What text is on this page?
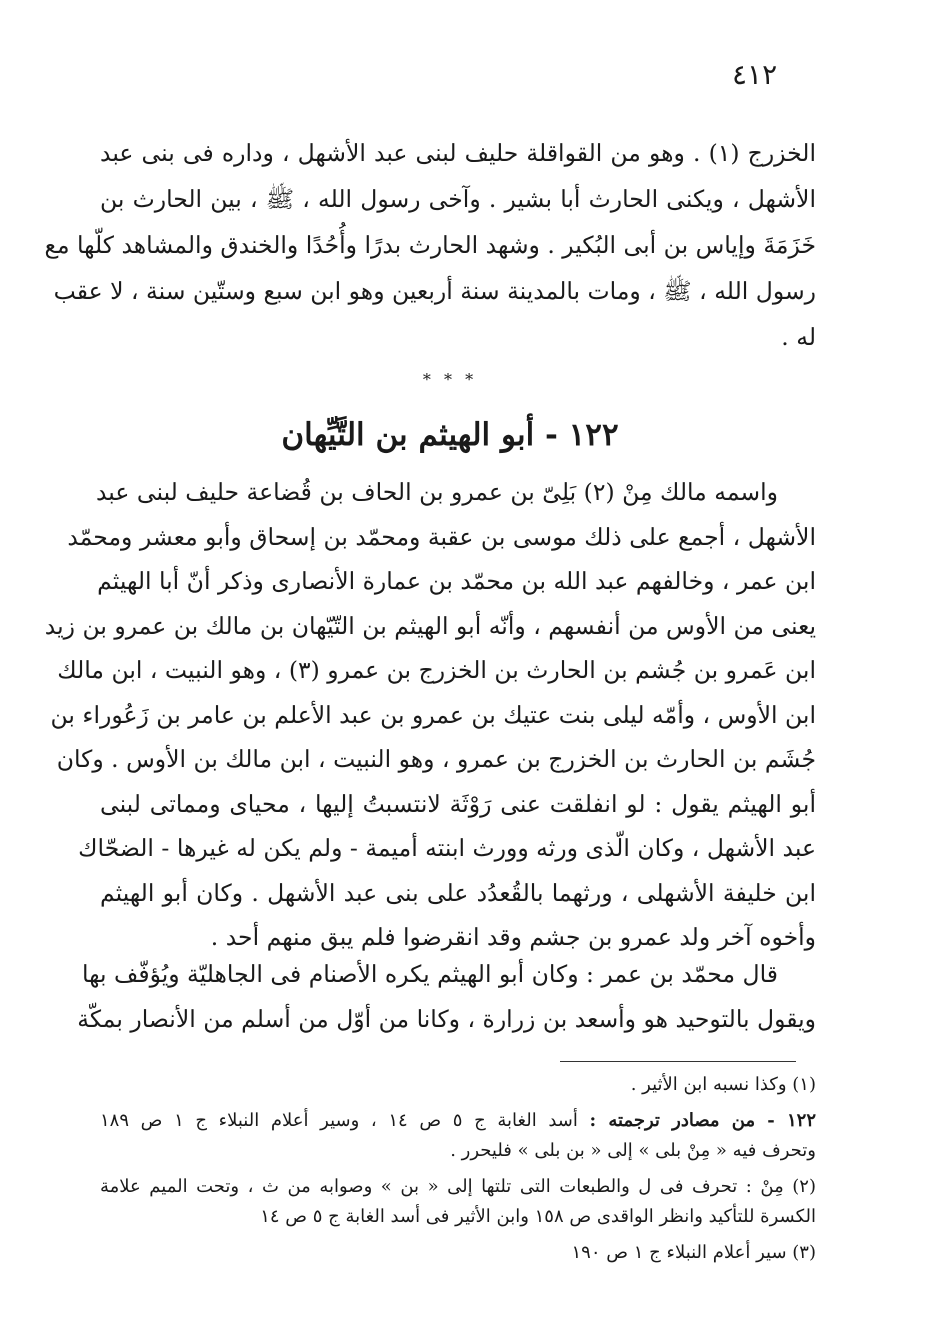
٤١٢
الخزرج (١) . وهو من القواقلة حليف لبنى عبد الأشهل ، وداره فى بنى عبد
الأشهل ، ويكنى الحارث أبا بشير . وآخى رسول الله ، ﷺ ، بين الحارث بن
خَزَمَةَ وإياس بن أبى البُكير . وشهد الحارث بدرًا وأُحُدًا والخندق والمشاهد كلّها مع
رسول الله ، ﷺ ، ومات بالمدينة سنة أربعين وهو ابن سبع وستّين سنة ، لا عقب
له .
* * *
١٢٢ - أبو الهيثم بن التَّيِّهان
واسمه مالك مِنْ (٢) بَلِىّ بن عمرو بن الحاف بن قُضاعة حليف لبنى عبد
الأشهل ، أجمع على ذلك موسى بن عقبة ومحمّد بن إسحاق وأبو معشر ومحمّد
ابن عمر ، وخالفهم عبد الله بن محمّد بن عمارة الأنصارى وذكر أنّ أبا الهيثم
يعنى من الأوس من أنفسهم ، وأنّه أبو الهيثم بن التّيّهان بن مالك بن عمرو بن زيد
ابن عَمرو بن جُشم بن الحارث بن الخزرج بن عمرو (٣) ، وهو النبيت ، ابن مالك
ابن الأوس ، وأمّه ليلى بنت عتيك بن عمرو بن عبد الأعلم بن عامر بن زَعُوراء بن
جُشَم بن الحارث بن الخزرج بن عمرو ، وهو النبيت ، ابن مالك بن الأوس . وكان
أبو الهيثم يقول : لو انفلقت عنى رَوْثَة لانتسبتُ إليها ، محياى ومماتى لبنى
عبد الأشهل ، وكان الّذى ورثه وورث ابنته أميمة - ولم يكن له غيرها - الضحّاك
ابن خليفة الأشهلى ، ورثهما بالقُعدُد على بنى عبد الأشهل . وكان أبو الهيثم
وأخوه آخر ولد عمرو بن جشم وقد انقرضوا فلم يبق منهم أحد .
قال محمّد بن عمر : وكان أبو الهيثم يكره الأصنام فى الجاهليّة ويُؤفّف بها
ويقول بالتوحيد هو وأسعد بن زرارة ، وكانا من أوّل من أسلم من الأنصار بمكّة
(١) وكذا نسبه ابن الأثير .
١٢٢ - من مصادر ترجمته : أسد الغابة ج ٥ ص ١٤ ، وسير أعلام النبلاء ج ١ ص ١٨٩
وتحرف فيه « مِنْ بلى » إلى « بن بلى » فليحرر .
(٢) مِنْ : تحرف فى ل والطبعات التى تلتها إلى « بن » وصوابه من ث ، وتحت الميم علامة
الكسرة للتأكيد وانظر الواقدى ص ١٥٨ وابن الأثير فى أسد الغابة ج ٥ ص ١٤
(٣) سير أعلام النبلاء ج ١ ص ١٩٠
